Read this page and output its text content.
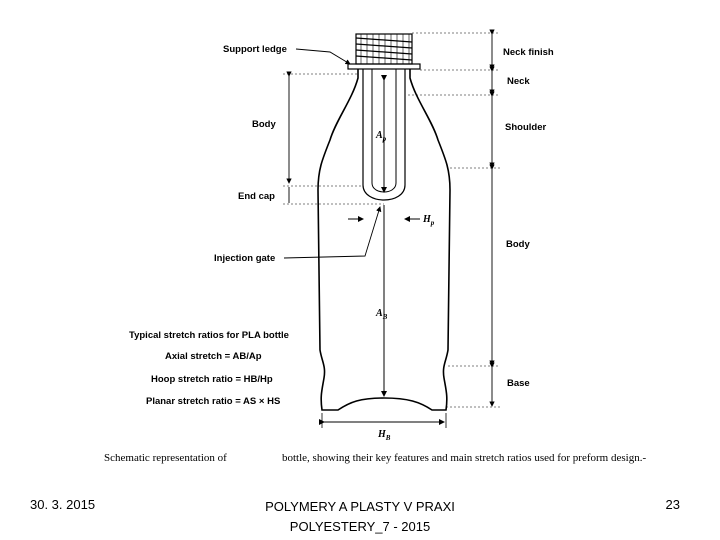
$A_p$
$A_B$
$H_p$
$H_B$
Support ledge
Body
End cap
Injection gate
Neck finish
Neck
Shoulder
Body
Base
Typical stretch ratios for PLA bottle
Axial stretch = AB/Ap
Hoop stretch ratio = HB/Hp
Planar stretch ratio = AS × HS
Schematic representation of	bottle, showing their key features and main stretch ratios used for preform design.-
30. 3. 2015	POLYMERY A PLASTY V PRAXI
POLYESTERY_7 - 2015
23
